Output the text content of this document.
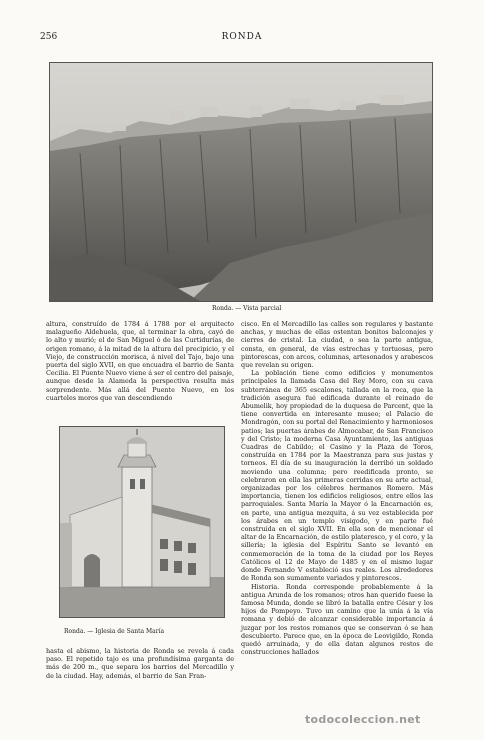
256	RONDA
Ronda. — Vista parcial

altura, construído de 1784 á 1788 por el arquitecto malagueño Aldehuela, que, al terminar la obra, cayó de lo alto y murió; el de San Miguel ó de las Curtidurías, de origen romano, á la mitad de la altura del precipicio, y el Viejo, de construcción morisca, á nivel del Tajo, bajo una puerta del siglo XVII, en que encuadra el barrio de Santa Cecilia. El Puente Nuevo viene á ser el centro del paisaje, aunque desde la Alameda la perspectiva resulta más sorprendente. Más allá del Puente Nuevo, en los cuarteles moros que van descendiendo

Ronda. — Iglesia de Santa María

hasta el abismo, la historia de Ronda se revela á cada paso. El repetido tajo es una profundísima garganta de más de 200 m., que separa los barrios del Mercadillo y de la ciudad. Hay, además, el barrio de San Fran-

cisco. En el Mercadillo las calles son regulares y bastante anchas, y muchas de ellas ostentan bonitos balconajes y cierres de cristal. La ciudad, o sea la parte antigua, consta, en general, de vías estrechas y tortuosas, pero pintorescas, con arcos, columnas, artesonados y arabescos que revelan su origen.

La población tiene como edificios y monumentos principales la llamada Casa del Rey Moro, con su cava subterránea de 365 escalones, tallada en la roca, que la tradición asegura fué edificada durante el reinado de Abumelik, hoy propiedad de la duquesa de Parcent, que la tiene convertida en interesante museo; el Palacio de Mondragón, con su portal del Renacimiento y harmoniosos patios; las puertas árabes de Almocabar, de San Francisco y del Cristo; la moderna Casa Ayuntamiento, las antiguas Cuadras de Cabildo; el Casino y la Plaza de Toros, construída en 1784 por la Maestranza para sus justas y torneos. El día de su inauguración la derribó un soldado moviendo una columna; pero reedificada pronto, se celebraron en ella las primeras corridas en su arte actual, organizadas por los célebres hermanos Romero. Más importancia, tienen los edificios religiosos, entre ellos las parroquiales. Santa María la Mayor ó la Encarnación es, en parte, una antigua mezquita, á su vez establecida por los árabes en un templo visigodo, y en parte fué construída en el siglo XVII. En ella son de mencionar el altar de la Encarnación, de estilo plateresco, y el coro, y la sillería; la iglesia del Espíritu Santo se levantó en conmemoración de la toma de la ciudad por los Reyes Católicos el 12 de Mayo de 1485 y en el mismo lugar donde Fernando V estableció sus reales. Los alrededores de Ronda son sumamente variados y pintorescos.

Historia. Ronda corresponde probablemente á la antigua Arunda de los romanos; otros han querido fuese la famosa Munda, donde se libró la batalla entre César y los hijos de Pompeyo. Tuvo un camino que la unía á la vía romana y debió de alcanzar considerable importancia á juzgar por los restos romanos que se conservan ó se han descubierto. Parece que, en la época de Leovigildo, Ronda quedó arruinada, y de ella datan algunos restos de construcciones hallados

todocoleccion.net
